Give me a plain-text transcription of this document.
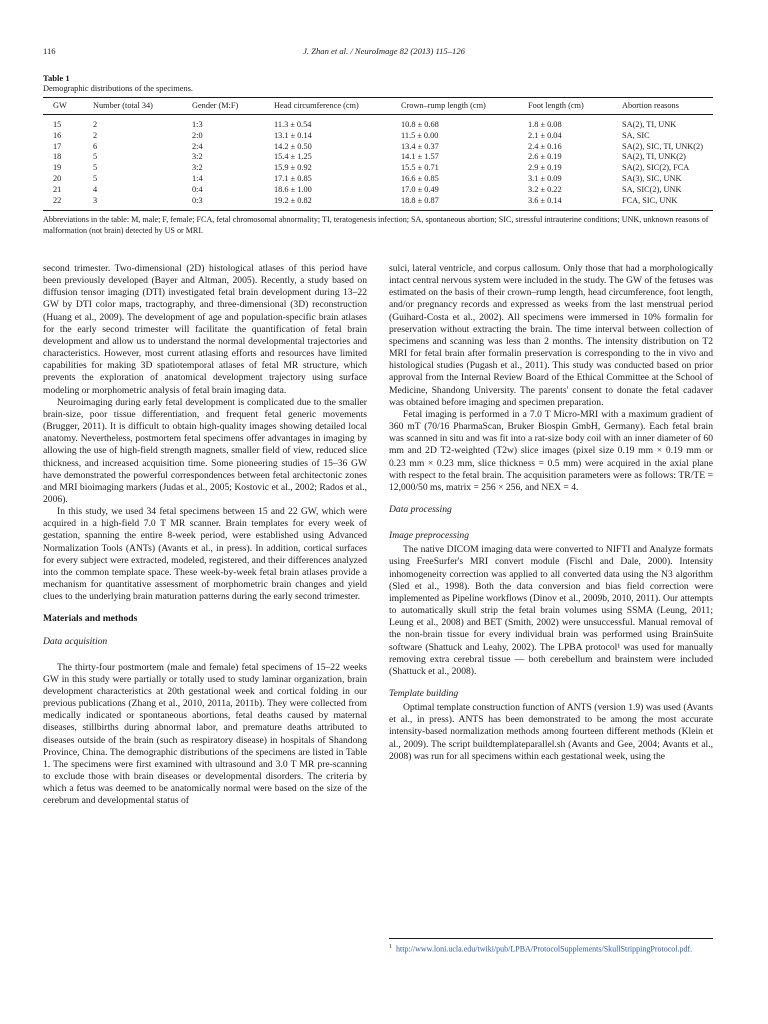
116	J. Zhan et al. / NeuroImage 82 (2013) 115–126
Table 1
Demographic distributions of the specimens.
GW	Number (total 34)	Gender (M:F)	Head circumference (cm)	Crown–rump length (cm)	Foot length (cm)	Abortion reasons
15	2	1:3	11.3 ± 0.54	10.8 ± 0.68	1.8 ± 0.08	SA(2), TI, UNK
16	2	2:0	13.1 ± 0.14	11.5 ± 0.00	2.1 ± 0.04	SA, SIC
17	6	2:4	14.2 ± 0.50	13.4 ± 0.37	2.4 ± 0.16	SA(2), SIC, TI, UNK(2)
18	5	3:2	15.4 ± 1.25	14.1 ± 1.57	2.6 ± 0.19	SA(2), TI, UNK(2)
19	5	3:2	15.9 ± 0.92	15.5 ± 0.71	2.9 ± 0.19	SA(2), SIC(2), FCA
20	5	1:4	17.1 ± 0.85	16.6 ± 0.85	3.1 ± 0.09	SA(3), SIC, UNK
21	4	0:4	18.6 ± 1.00	17.0 ± 0.49	3.2 ± 0.22	SA, SIC(2), UNK
22	3	0:3	19.2 ± 0.82	18.8 ± 0.87	3.6 ± 0.14	FCA, SIC, UNK
Abbreviations in the table: M, male; F, female; FCA, fetal chromosomal abnormality; TI, teratogenesis infection; SA, spontaneous abortion; SIC, stressful intrauterine conditions; UNK, unknown reasons of malformation (not brain) detected by US or MRI.

second trimester. Two-dimensional (2D) histological atlases of this period have been previously developed (Bayer and Altman, 2005). Recently, a study based on diffusion tensor imaging (DTI) investigated fetal brain development during 13–22 GW by DTI color maps, tractography, and three-dimensional (3D) reconstruction (Huang et al., 2009). The development of age and population-specific brain atlases for the early second trimester will facilitate the quantification of fetal brain development and allow us to understand the normal developmental trajectories and characteristics. However, most current atlasing efforts and resources have limited capabilities for making 3D spatiotemporal atlases of fetal MR structure, which prevents the exploration of anatomical development trajectory using surface modeling or morphometric analysis of fetal brain imaging data.

Neuroimaging during early fetal development is complicated due to the smaller brain-size, poor tissue differentiation, and frequent fetal generic movements (Brugger, 2011). It is difficult to obtain high-quality images showing detailed local anatomy. Nevertheless, postmortem fetal specimens offer advantages in imaging by allowing the use of high-field strength magnets, smaller field of view, reduced slice thickness, and increased acquisition time. Some pioneering studies of 15–36 GW have demonstrated the powerful correspondences between fetal architectonic zones and MRI bioimaging markers (Judas et al., 2005; Kostovic et al., 2002; Rados et al., 2006).

In this study, we used 34 fetal specimens between 15 and 22 GW, which were acquired in a high-field 7.0 T MR scanner. Brain templates for every week of gestation, spanning the entire 8-week period, were established using Advanced Normalization Tools (ANTs) (Avants et al., in press). In addition, cortical surfaces for every subject were extracted, modeled, registered, and their differences analyzed into the common template space. These week-by-week fetal brain atlases provide a mechanism for quantitative assessment of morphometric brain changes and yield clues to the underlying brain maturation patterns during the early second trimester.

Materials and methods

Data acquisition

The thirty-four postmortem (male and female) fetal specimens of 15–22 weeks GW in this study were partially or totally used to study laminar organization, brain development characteristics at 20th gestational week and cortical folding in our previous publications (Zhang et al., 2010, 2011a, 2011b). They were collected from medically indicated or spontaneous abortions, fetal deaths caused by maternal diseases, stillbirths during abnormal labor, and premature deaths attributed to diseases outside of the brain (such as respiratory disease) in hospitals of Shandong Province, China. The demographic distributions of the specimens are listed in Table 1. The specimens were first examined with ultrasound and 3.0 T MR pre-scanning to exclude those with brain diseases or developmental disorders. The criteria by which a fetus was deemed to be anatomically normal were based on the size of the cerebrum and developmental status of

sulci, lateral ventricle, and corpus callosum. Only those that had a morphologically intact central nervous system were included in the study. The GW of the fetuses was estimated on the basis of their crown–rump length, head circumference, foot length, and/or pregnancy records and expressed as weeks from the last menstrual period (Guihard-Costa et al., 2002). All specimens were immersed in 10% formalin for preservation without extracting the brain. The time interval between collection of specimens and scanning was less than 2 months. The intensity distribution on T2 MRI for fetal brain after formalin preservation is corresponding to the in vivo and histological studies (Pugash et al., 2011). This study was conducted based on prior approval from the Internal Review Board of the Ethical Committee at the School of Medicine, Shandong University. The parents' consent to donate the fetal cadaver was obtained before imaging and specimen preparation.

Fetal imaging is performed in a 7.0 T Micro-MRI with a maximum gradient of 360 mT (70/16 PharmaScan, Bruker Biospin GmbH, Germany). Each fetal brain was scanned in situ and was fit into a rat-size body coil with an inner diameter of 60 mm and 2D T2-weighted (T2w) slice images (pixel size 0.19 mm × 0.19 mm or 0.23 mm × 0.23 mm, slice thickness = 0.5 mm) were acquired in the axial plane with respect to the fetal brain. The acquisition parameters were as follows: TR/TE = 12,000/50 ms, matrix = 256 × 256, and NEX = 4.

Data processing

Image preprocessing

The native DICOM imaging data were converted to NIFTI and Analyze formats using FreeSurfer's MRI convert module (Fischl and Dale, 2000). Intensity inhomogeneity correction was applied to all converted data using the N3 algorithm (Sled et al., 1998). Both the data conversion and bias field correction were implemented as Pipeline workflows (Dinov et al., 2009b, 2010, 2011). Our attempts to automatically skull strip the fetal brain volumes using SSMA (Leung, 2011; Leung et al., 2008) and BET (Smith, 2002) were unsuccessful. Manual removal of the non-brain tissue for every individual brain was performed using BrainSuite software (Shattuck and Leahy, 2002). The LPBA protocol¹ was used for manually removing extra cerebral tissue — both cerebellum and brainstem were included (Shattuck et al., 2008).

Template building

Optimal template construction function of ANTS (version 1.9) was used (Avants et al., in press). ANTS has been demonstrated to be among the most accurate intensity-based normalization methods among fourteen different methods (Klein et al., 2009). The script buildtemplateparallel.sh (Avants and Gee, 2004; Avants et al., 2008) was run for all specimens within each gestational week, using the

$^1$ http://www.loni.ucla.edu/twiki/pub/LPBA/ProtocolSupplements/SkullStrippingProtocol.pdf.
